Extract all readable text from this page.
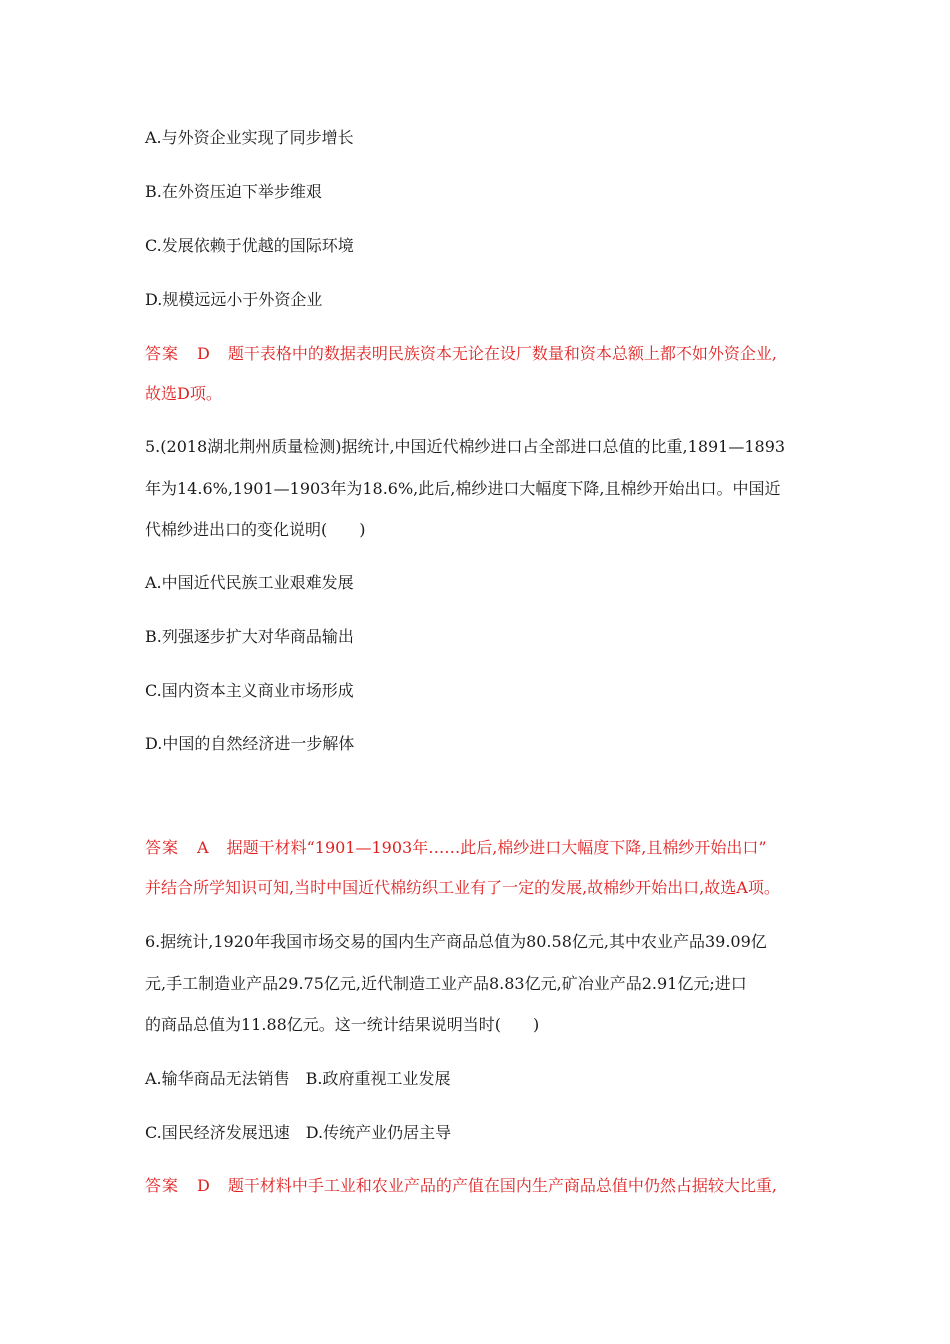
A.与外资企业实现了同步增长
B.在外资压迫下举步维艰
C.发展依赖于优越的国际环境
D.规模远远小于外资企业
答案 D 题干表格中的数据表明民族资本无论在设厂数量和资本总额上都不如外资企业,
故选D项。
5.(2018湖北荆州质量检测)据统计,中国近代棉纱进口占全部进口总值的比重,1891—1893
年为14.6%,1901—1903年为18.6%,此后,棉纱进口大幅度下降,且棉纱开始出口。中国近
代棉纱进出口的变化说明(　　)
A.中国近代民族工业艰难发展
B.列强逐步扩大对华商品输出
C.国内资本主义商业市场形成
D.中国的自然经济进一步解体
答案 A 据题干材料“1901—1903年……此后,棉纱进口大幅度下降,且棉纱开始出口”
并结合所学知识可知,当时中国近代棉纺织工业有了一定的发展,故棉纱开始出口,故选A项。
6.据统计,1920年我国市场交易的国内生产商品总值为80.58亿元,其中农业产品39.09亿
元,手工制造业产品29.75亿元,近代制造工业产品8.83亿元,矿冶业产品2.91亿元;进口
的商品总值为11.88亿元。这一统计结果说明当时(　　)
A.输华商品无法销售　B.政府重视工业发展
C.国民经济发展迅速　D.传统产业仍居主导
答案 D 题干材料中手工业和农业产品的产值在国内生产商品总值中仍然占据较大比重,
